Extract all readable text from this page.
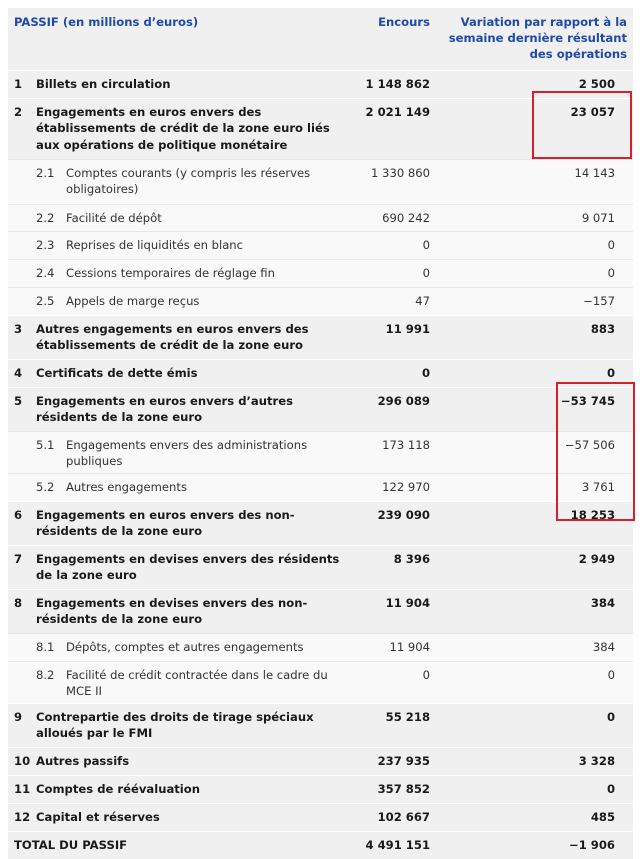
PASSIF (en millions d’euros)		Encours	Variation par rapport à la semaine dernière résultant des opérations
1	Billets en circulation	1 148 862	2 500
2	Engagements en euros envers des établissements de crédit de la zone euro liés aux opérations de politique monétaire	2 021 149	23 057

	2.1 Comptes courants (y compris les réserves obligatoires)	1 330 860	14 143

	2.2 Facilité de dépôt	690 242	9 071

	2.3 Reprises de liquidités en blanc	0	0

	2.4 Cessions temporaires de réglage fin	0	0

	2.5 Appels de marge reçus	47	−157
3	Autres engagements en euros envers des établissements de crédit de la zone euro	11 991	883
4	Certificats de dette émis	0	0
5	Engagements en euros envers d’autres résidents de la zone euro	296 089	−53 745

	5.1 Engagements envers des administrations publiques	173 118	−57 506

	5.2 Autres engagements	122 970	3 761
6	Engagements en euros envers des non-résidents de la zone euro	239 090	18 253
7	Engagements en devises envers des résidents de la zone euro	8 396	2 949
8	Engagements en devises envers des non-résidents de la zone euro	11 904	384

	8.1 Dépôts, comptes et autres engagements	11 904	384

	8.2 Facilité de crédit contractée dans le cadre du MCE II	0	0
9	Contrepartie des droits de tirage spéciaux alloués par le FMI	55 218	0
10	Autres passifs	237 935	3 328
11	Comptes de réévaluation	357 852	0
12	Capital et réserves	102 667	485
TOTAL DU PASSIF		4 491 151	−1 906
